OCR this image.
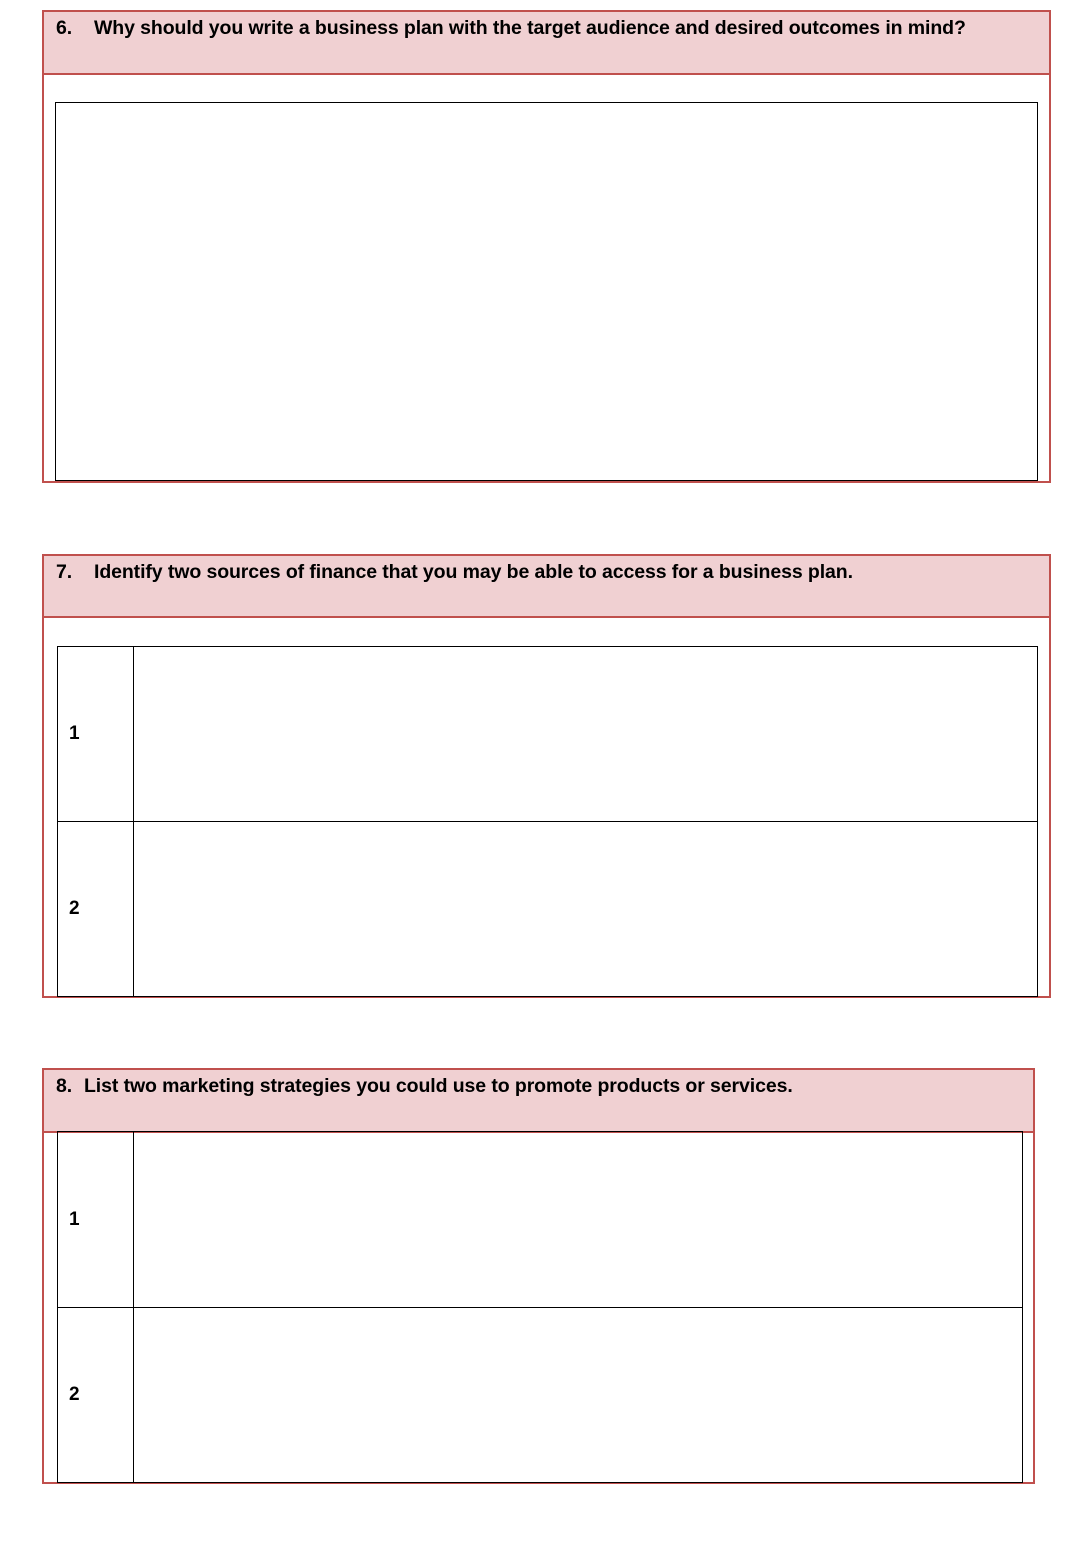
6. Why should you write a business plan with the target audience and desired outcomes in mind?
7. Identify two sources of finance that you may be able to access for a business plan.
1	
2	
8. List two marketing strategies you could use to promote products or services.
1	
2	
